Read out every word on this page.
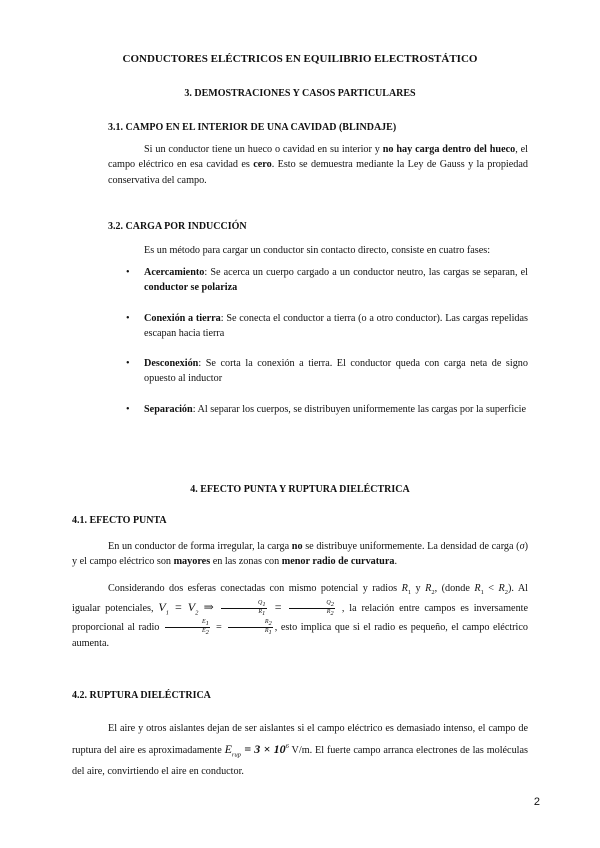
CONDUCTORES ELÉCTRICOS EN EQUILIBRIO ELECTROSTÁTICO
3. DEMOSTRACIONES Y CASOS PARTICULARES
3.1. CAMPO EN EL INTERIOR DE UNA CAVIDAD (BLINDAJE)
Si un conductor tiene un hueco o cavidad en su interior y no hay carga dentro del hueco, el campo eléctrico en esa cavidad es cero. Esto se demuestra mediante la Ley de Gauss y la propiedad conservativa del campo.
3.2. CARGA POR INDUCCIÓN
Es un método para cargar un conductor sin contacto directo, consiste en cuatro fases:
• Acercamiento: Se acerca un cuerpo cargado a un conductor neutro, las cargas se separan, el conductor se polariza
• Conexión a tierra: Se conecta el conductor a tierra (o a otro conductor). Las cargas repelidas escapan hacia tierra
• Desconexión: Se corta la conexión a tierra. El conductor queda con carga neta de signo opuesto al inductor
• Separación: Al separar los cuerpos, se distribuyen uniformemente las cargas por la superficie
4. EFECTO PUNTA Y RUPTURA DIELÉCTRICA
4.1. EFECTO PUNTA
En un conductor de forma irregular, la carga no se distribuye uniformemente. La densidad de carga (σ) y el campo eléctrico son mayores en las zonas con menor radio de curvatura.
Considerando dos esferas conectadas con mismo potencial y radios $R_1$ y $R_2$, (donde $R_1 < R_2$). Al igualar potenciales, $V_1 = V_2$ ⇒ $\frac{Q_1}{R_1} = \frac{Q_2}{R_2}$ , la relación entre campos es inversamente proporcional al radio $\frac{E_1}{E_2} = \frac{R_2}{R_1}$ , esto implica que si el radio es pequeño, el campo eléctrico aumenta.
4.2. RUPTURA DIELÉCTRICA
El aire y otros aislantes dejan de ser aislantes si el campo eléctrico es demasiado intenso, el campo de ruptura del aire es aproximadamente $E_{rup} = 3 \times 10^6$ V/m. El fuerte campo arranca electrones de las moléculas del aire, convirtiendo el aire en conductor.
2
